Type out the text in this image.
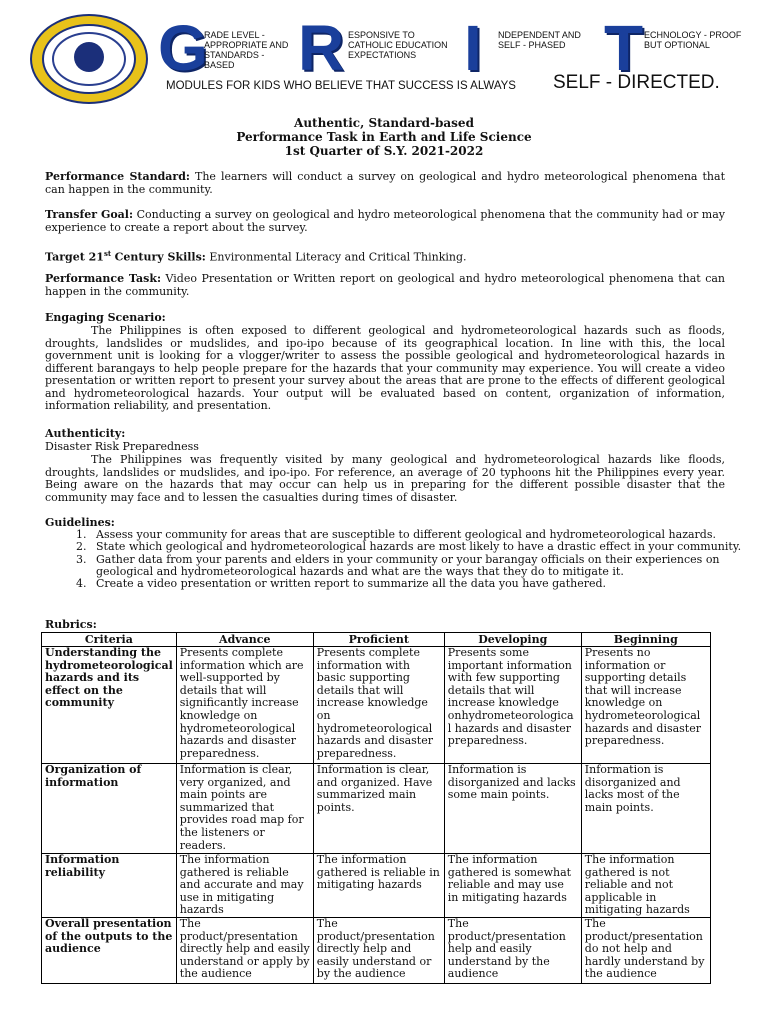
G
RADE LEVEL - APPROPRIATE AND STANDARDS - BASED R ESPONSIVE TO CATHOLIC EDUCATION EXPECTATIONS I NDEPENDENT AND SELF - PHASED T ECHNOLOGY - PROOF BUT OPTIONAL
MODULES FOR KIDS WHO BELIEVE THAT SUCCESS IS ALWAYS SELF - DIRECTED.
Authentic, Standard-based
Performance Task in Earth and Life Science
1st Quarter of S.Y. 2021-2022
Performance Standard: The learners will conduct a survey on geological and hydro meteorological phenomena that can happen in the community.
Transfer Goal: Conducting a survey on geological and hydro meteorological phenomena that the community had or may experience to create a report about the survey.
Target 21st Century Skills: Environmental Literacy and Critical Thinking.
Performance Task: Video Presentation or Written report on geological and hydro meteorological phenomena that can happen in the community.
Engaging Scenario:
The Philippines is often exposed to different geological and hydrometeorological hazards such as floods, droughts, landslides or mudslides, and ipo-ipo because of its geographical location. In line with this, the local government unit is looking for a vlogger/writer to assess the possible geological and hydrometeorological hazards in different barangays to help people prepare for the hazards that your community may experience. You will create a video presentation or written report to present your survey about the areas that are prone to the effects of different geological and hydrometeorological hazards. Your output will be evaluated based on content, organization of information, information reliability, and presentation.
Authenticity:
Disaster Risk Preparedness
The Philippines was frequently visited by many geological and hydrometeorological hazards like floods, droughts, landslides or mudslides, and ipo-ipo. For reference, an average of 20 typhoons hit the Philippines every year. Being aware on the hazards that may occur can help us in preparing for the different possible disaster that the community may face and to lessen the casualties during times of disaster.
Guidelines:
1. Assess your community for areas that are susceptible to different geological and hydrometeorological hazards.
2. State which geological and hydrometeorological hazards are most likely to have a drastic effect in your community.
3. Gather data from your parents and elders in your community or your barangay officials on their experiences on geological and hydrometeorological hazards and what are the ways that they do to mitigate it.
4. Create a video presentation or written report to summarize all the data you have gathered.
Rubrics:
Criteria	Advance	Proficient	Developing	Beginning
Understanding the hydrometeorological hazards and its effect on the community	Presents complete information which are well-supported by details that will significantly increase knowledge on hydrometeorological hazards and disaster preparedness.	Presents complete information with basic supporting details that will increase knowledge on hydrometeorological hazards and disaster preparedness.	Presents some important information with few supporting details that will increase knowledge onhydrometeorologica l hazards and disaster preparedness.	Presents no information or supporting details that will increase knowledge on hydrometeorological hazards and disaster preparedness.
Organization of information	Information is clear, very organized, and main points are summarized that provides road map for the listeners or readers.	Information is clear, and organized. Have summarized main points.	Information is disorganized and lacks some main points.	Information is disorganized and lacks most of the main points.
Information reliability	The information gathered is reliable and accurate and may use in mitigating hazards	The information gathered is reliable in mitigating hazards	The information gathered is somewhat reliable and may use in mitigating hazards	The information gathered is not reliable and not applicable in mitigating hazards
Overall presentation of the outputs to the audience	The product/presentation directly help and easily understand or apply by the audience	The product/presentation directly help and easily understand or by the audience	The product/presentation help and easily understand by the audience	The product/presentation do not help and hardly understand by the audience
